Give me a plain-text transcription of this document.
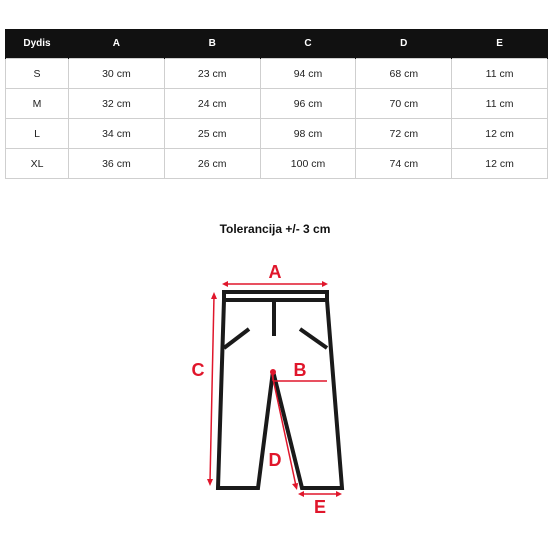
Dydis	A	B	C	D	E
S	30 cm	23 cm	94 cm	68 cm	11 cm
M	32 cm	24 cm	96 cm	70 cm	11 cm
L	34 cm	25 cm	98 cm	72 cm	12 cm
XL	36 cm	26 cm	100 cm	74 cm	12 cm
Tolerancija +/- 3 cm
A
C	B
D
E
